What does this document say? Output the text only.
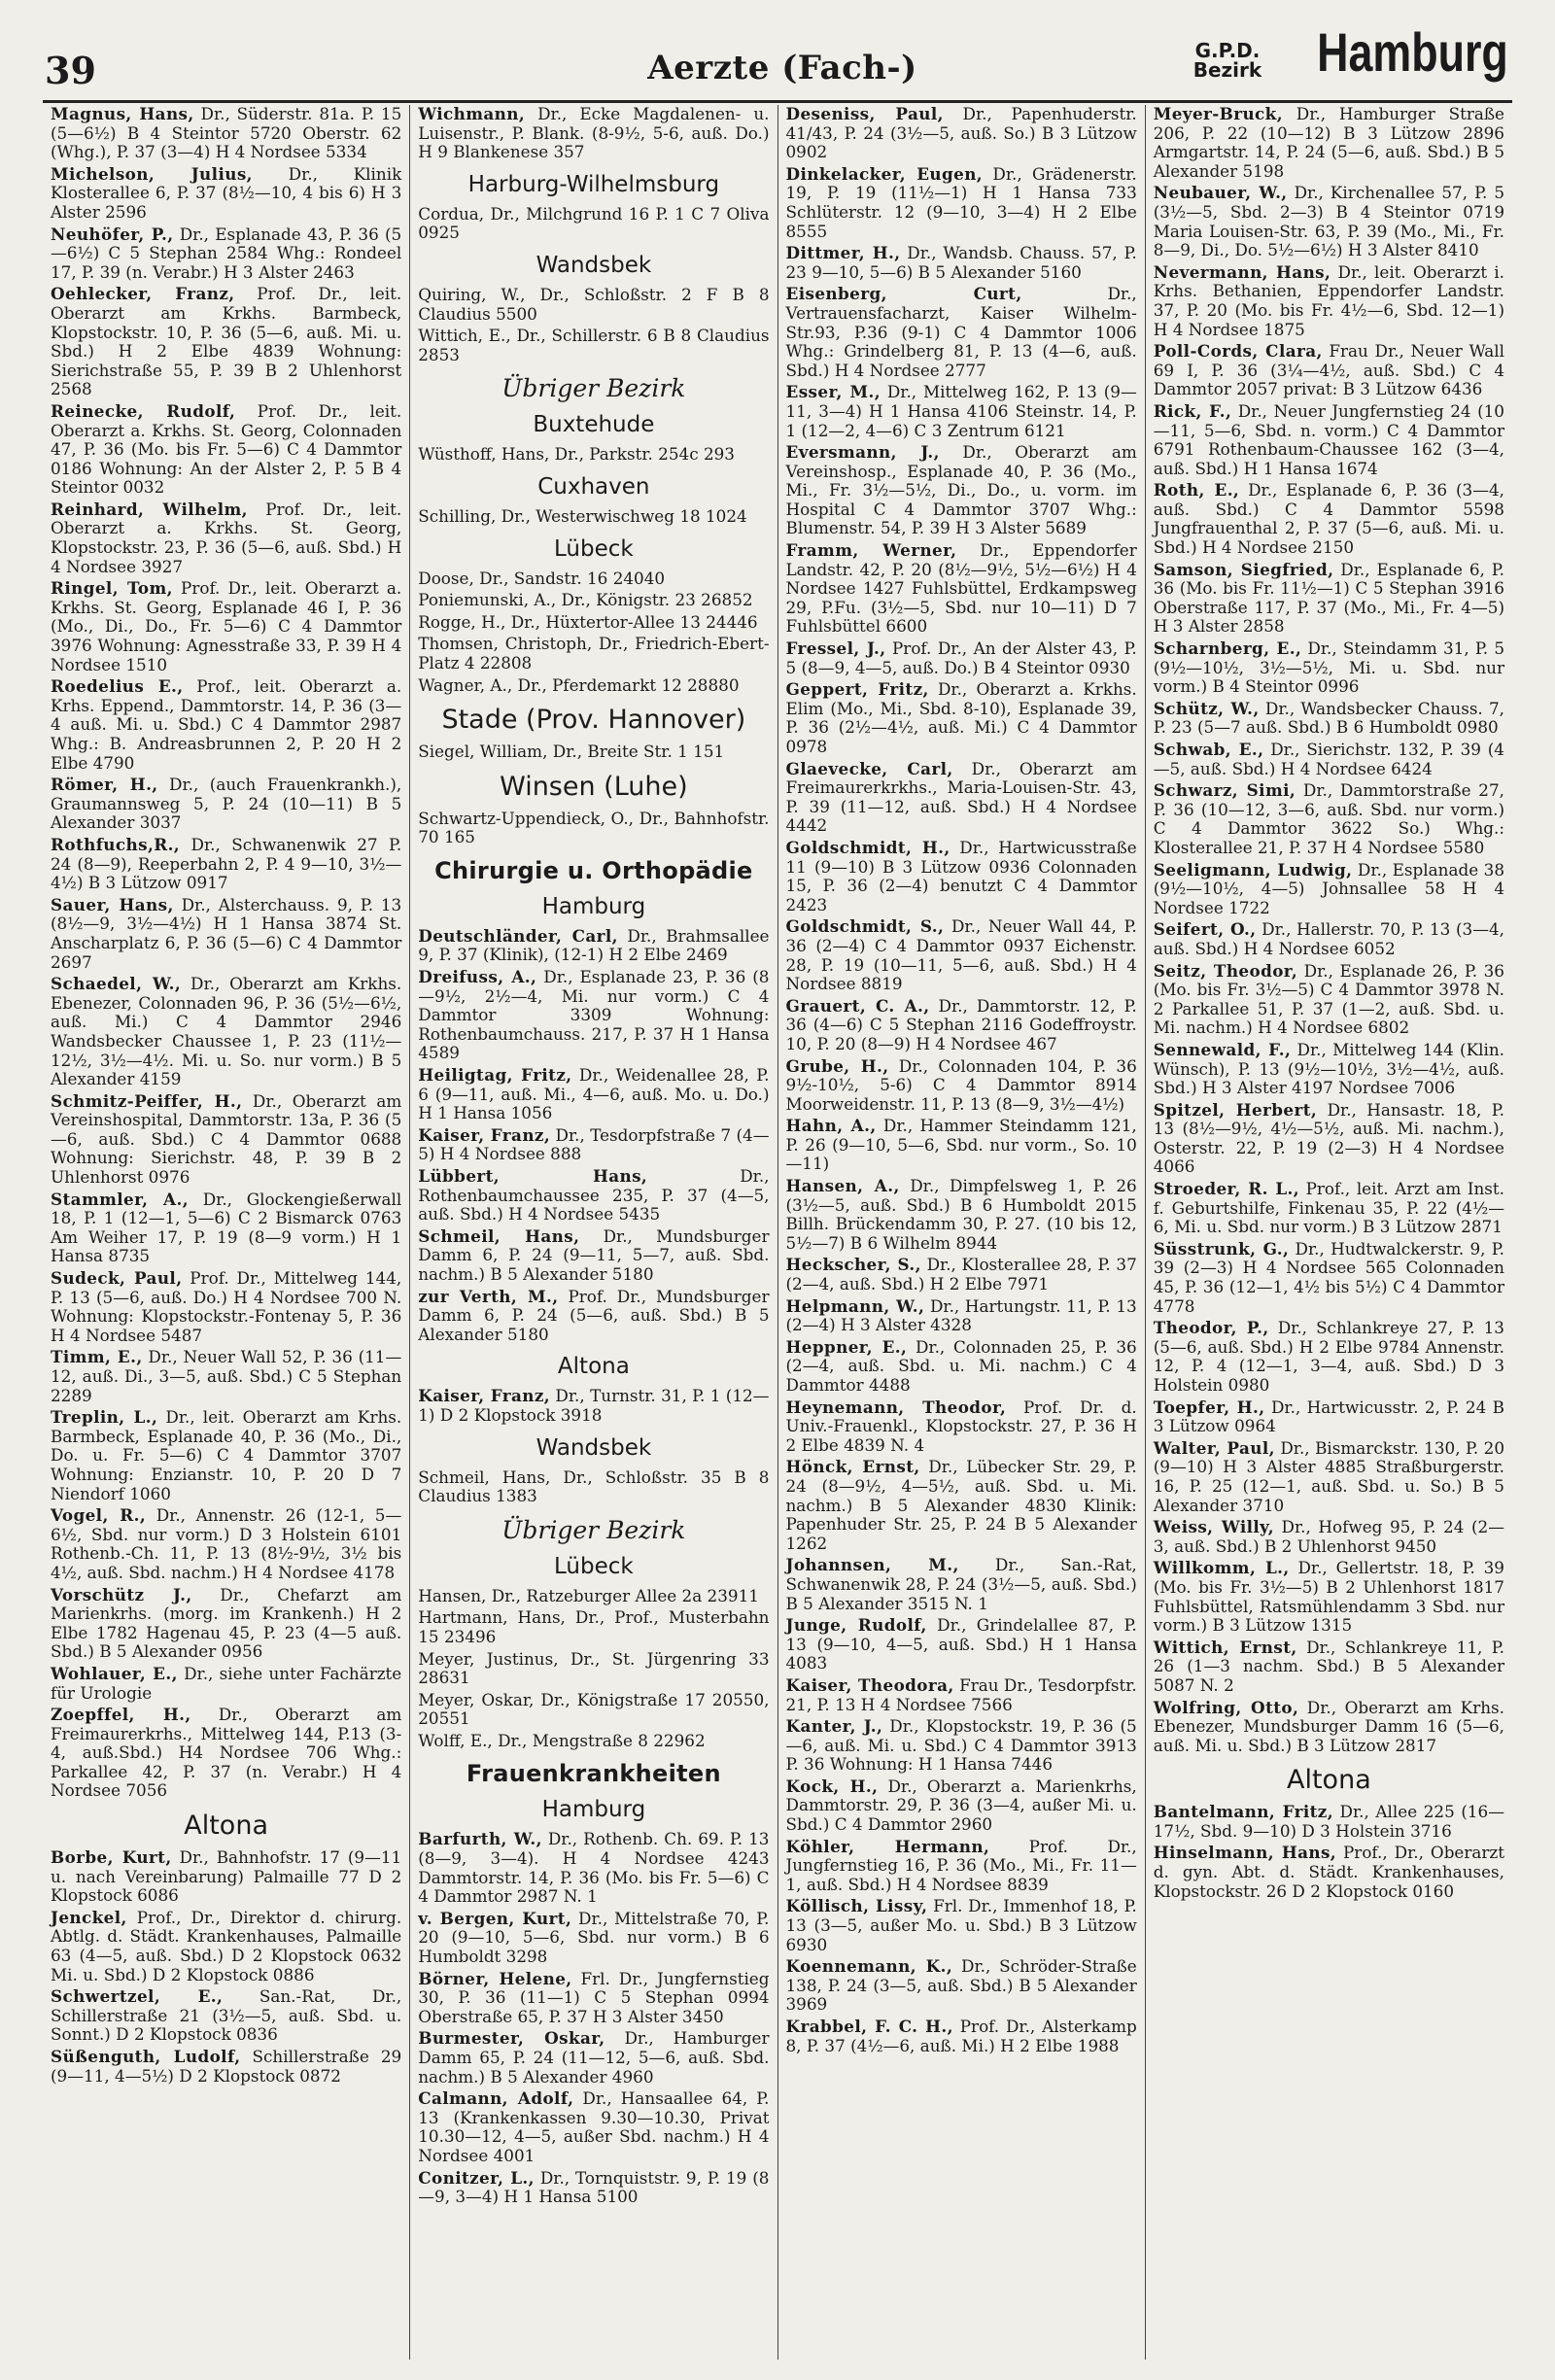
39	Aerzte (Fach-)	G.P.D.
Bezirk Hamburg
Magnus, Hans, Dr., Süderstr. 81a. P. 15 (5—6½) B 4 Steintor 5720 Oberstr. 62 (Whg.), P. 37 (3—4) H 4 Nordsee 5334
Michelson, Julius, Dr., Klinik Klosterallee 6, P. 37 (8½—10, 4 bis 6) H 3 Alster 2596
Neuhöfer, P., Dr., Esplanade 43, P. 36 (5—6½) C 5 Stephan 2584 Whg.: Rondeel 17, P. 39 (n. Verabr.) H 3 Alster 2463
Oehlecker, Franz, Prof. Dr., leit. Oberarzt am Krkhs. Barmbeck, Klopstockstr. 10, P. 36 (5—6, auß. Mi. u. Sbd.) H 2 Elbe 4839 Wohnung: Sierichstraße 55, P. 39 B 2 Uhlenhorst 2568
Reinecke, Rudolf, Prof. Dr., leit. Oberarzt a. Krkhs. St. Georg, Colonnaden 47, P. 36 (Mo. bis Fr. 5—6) C 4 Dammtor 0186 Wohnung: An der Alster 2, P. 5 B 4 Steintor 0032
Reinhard, Wilhelm, Prof. Dr., leit. Oberarzt a. Krkhs. St. Georg, Klopstockstr. 23, P. 36 (5—6, auß. Sbd.) H 4 Nordsee 3927
Ringel, Tom, Prof. Dr., leit. Oberarzt a. Krkhs. St. Georg, Esplanade 46 I, P. 36 (Mo., Di., Do., Fr. 5—6) C 4 Dammtor 3976 Wohnung: Agnesstraße 33, P. 39 H 4 Nordsee 1510
Roedelius E., Prof., leit. Oberarzt a. Krhs. Eppend., Dammtorstr. 14, P. 36 (3—4 auß. Mi. u. Sbd.) C 4 Dammtor 2987 Whg.: B. Andreasbrunnen 2, P. 20 H 2 Elbe 4790
Römer, H., Dr., (auch Frauenkrankh.), Graumannsweg 5, P. 24 (10—11) B 5 Alexander 3037
Rothfuchs,R., Dr., Schwanenwik 27 P. 24 (8—9), Reeperbahn 2, P. 4 9—10, 3½—4½) B 3 Lützow 0917
Sauer, Hans, Dr., Alsterchauss. 9, P. 13 (8½—9, 3½—4½) H 1 Hansa 3874 St. Anscharplatz 6, P. 36 (5—6) C 4 Dammtor 2697
Schaedel, W., Dr., Oberarzt am Krkhs. Ebenezer, Colonnaden 96, P. 36 (5½—6½, auß. Mi.) C 4 Dammtor 2946 Wandsbecker Chaussee 1, P. 23 (11½—12½, 3½—4½. Mi. u. So. nur vorm.) B 5 Alexander 4159
Schmitz-Peiffer, H., Dr., Oberarzt am Vereinshospital, Dammtorstr. 13a, P. 36 (5—6, auß. Sbd.) C 4 Dammtor 0688 Wohnung: Sierichstr. 48, P. 39 B 2 Uhlenhorst 0976
Stammler, A., Dr., Glockengießerwall 18, P. 1 (12—1, 5—6) C 2 Bismarck 0763 Am Weiher 17, P. 19 (8—9 vorm.) H 1 Hansa 8735
Sudeck, Paul, Prof. Dr., Mittelweg 144, P. 13 (5—6, auß. Do.) H 4 Nordsee 700 N. Wohnung: Klopstockstr.-Fontenay 5, P. 36 H 4 Nordsee 5487
Timm, E., Dr., Neuer Wall 52, P. 36 (11—12, auß. Di., 3—5, auß. Sbd.) C 5 Stephan 2289
Treplin, L., Dr., leit. Oberarzt am Krhs. Barmbeck, Esplanade 40, P. 36 (Mo., Di., Do. u. Fr. 5—6) C 4 Dammtor 3707 Wohnung: Enzianstr. 10, P. 20 D 7 Niendorf 1060
Vogel, R., Dr., Annenstr. 26 (12-1, 5—6½, Sbd. nur vorm.) D 3 Holstein 6101 Rothenb.-Ch. 11, P. 13 (8½-9½, 3½ bis 4½, auß. Sbd. nachm.) H 4 Nordsee 4178
Vorschütz J., Dr., Chefarzt am Marienkrhs. (morg. im Krankenh.) H 2 Elbe 1782 Hagenau 45, P. 23 (4—5 auß. Sbd.) B 5 Alexander 0956
Wohlauer, E., Dr., siehe unter Fachärzte für Urologie
Zoepffel, H., Dr., Oberarzt am Freimaurerkrhs., Mittelweg 144, P.13 (3-4, auß.Sbd.) H4 Nordsee 706 Whg.: Parkallee 42, P. 37 (n. Verabr.) H 4 Nordsee 7056
Altona
Borbe, Kurt, Dr., Bahnhofstr. 17 (9—11 u. nach Vereinbarung) Palmaille 77 D 2 Klopstock 6086
Jenckel, Prof., Dr., Direktor d. chirurg. Abtlg. d. Städt. Krankenhauses, Palmaille 63 (4—5, auß. Sbd.) D 2 Klopstock 0632 Mi. u. Sbd.) D 2 Klopstock 0886
Schwertzel, E., San.-Rat, Dr., Schillerstraße 21 (3½—5, auß. Sbd. u. Sonnt.) D 2 Klopstock 0836
Süßenguth, Ludolf, Schillerstraße 29 (9—11, 4—5½) D 2 Klopstock 0872
Wichmann, Dr., Ecke Magdalenen- u. Luisenstr., P. Blank. (8-9½, 5-6, auß. Do.) H 9 Blankenese 357
Harburg-Wilhelmsburg
Cordua, Dr., Milchgrund 16 P. 1 C 7 Oliva 0925
Wandsbek
Quiring, W., Dr., Schloßstr. 2 F B 8 Claudius 5500
Wittich, E., Dr., Schillerstr. 6 B 8 Claudius 2853
Übriger Bezirk
Buxtehude
Wüsthoff, Hans, Dr., Parkstr. 254c 293
Cuxhaven
Schilling, Dr., Westerwischweg 18 1024
Lübeck
Doose, Dr., Sandstr. 16 24040
Poniemunski, A., Dr., Königstr. 23 26852
Rogge, H., Dr., Hüxtertor-Allee 13 24446
Thomsen, Christoph, Dr., Friedrich-Ebert-Platz 4 22808
Wagner, A., Dr., Pferdemarkt 12 28880
Stade (Prov. Hannover)
Siegel, William, Dr., Breite Str. 1 151
Winsen (Luhe)
Schwartz-Uppendieck, O., Dr., Bahnhofstr. 70 165
Chirurgie u. Orthopädie
Hamburg
Deutschländer, Carl, Dr., Brahmsallee 9, P. 37 (Klinik), (12-1) H 2 Elbe 2469
Dreifuss, A., Dr., Esplanade 23, P. 36 (8—9½, 2½—4, Mi. nur vorm.) C 4 Dammtor 3309 Wohnung: Rothenbaumchauss. 217, P. 37 H 1 Hansa 4589
Heiligtag, Fritz, Dr., Weidenallee 28, P. 6 (9—11, auß. Mi., 4—6, auß. Mo. u. Do.) H 1 Hansa 1056
Kaiser, Franz, Dr., Tesdorpfstraße 7 (4—5) H 4 Nordsee 888
Lübbert, Hans,	Dr., Rothenbaumchaussee 235, P. 37 (4—5, auß. Sbd.) H 4 Nordsee 5435
Schmeil, Hans, Dr., Mundsburger Damm 6, P. 24 (9—11, 5—7, auß. Sbd. nachm.) B 5 Alexander 5180
zur Verth, M., Prof. Dr., Mundsburger Damm 6, P. 24 (5—6, auß. Sbd.) B 5 Alexander 5180
Altona
Kaiser, Franz, Dr., Turnstr. 31, P. 1 (12—1) D 2 Klopstock 3918
Wandsbek
Schmeil, Hans, Dr., Schloßstr. 35 B 8 Claudius 1383
Übriger Bezirk
Lübeck
Hansen, Dr., Ratzeburger Allee 2a 23911
Hartmann, Hans, Dr., Prof., Musterbahn 15 23496
Meyer, Justinus, Dr., St. Jürgenring 33 28631
Meyer, Oskar, Dr., Königstraße 17 20550, 20551
Wolff, E., Dr., Mengstraße 8 22962
Frauenkrankheiten
Hamburg
Barfurth, W., Dr., Rothenb. Ch. 69. P. 13 (8—9, 3—4). H 4 Nordsee 4243 Dammtorstr. 14, P. 36 (Mo. bis Fr. 5—6) C 4 Dammtor 2987 N. 1
v. Bergen, Kurt, Dr., Mittelstraße 70, P. 20 (9—10, 5—6, Sbd. nur vorm.) B 6 Humboldt 3298
Börner, Helene, Frl. Dr., Jungfernstieg 30, P. 36 (11—1) C 5 Stephan 0994 Oberstraße 65, P. 37 H 3 Alster 3450
Burmester, Oskar, Dr., Hamburger Damm 65, P. 24 (11—12, 5—6, auß. Sbd. nachm.) B 5 Alexander 4960
Calmann, Adolf, Dr., Hansaallee 64, P. 13 (Krankenkassen 9.30—10.30, Privat 10.30—12, 4—5, außer Sbd. nachm.) H 4 Nordsee 4001
Conitzer, L., Dr., Tornquiststr. 9, P. 19 (8—9, 3—4) H 1 Hansa 5100
Deseniss, Paul, Dr., Papenhuderstr. 41/43, P. 24 (3½—5, auß. So.) B 3 Lützow 0902
Dinkelacker, Eugen, Dr., Grädenerstr. 19, P. 19 (11½—1) H 1 Hansa 733 Schlüterstr. 12 (9—10, 3—4) H 2 Elbe 8555
Dittmer, H., Dr., Wandsb. Chauss. 57, P. 23 9—10, 5—6) B 5 Alexander 5160
Eisenberg, Curt,	Dr., Vertrauensfacharzt, Kaiser Wilhelm-Str.93, P.36 (9-1) C 4 Dammtor 1006 Whg.: Grindelberg 81, P. 13 (4—6, auß. Sbd.) H 4 Nordsee 2777
Esser, M., Dr., Mittelweg 162, P. 13 (9—11, 3—4) H 1 Hansa 4106 Steinstr. 14, P. 1 (12—2, 4—6) C 3 Zentrum 6121
Eversmann, J., Dr., Oberarzt am Vereinshosp., Esplanade 40, P. 36 (Mo., Mi., Fr. 3½—5½, Di., Do., u. vorm. im Hospital C 4 Dammtor 3707 Whg.: Blumenstr. 54, P. 39 H 3 Alster 5689
Framm, Werner, Dr., Eppendorfer Landstr. 42, P. 20 (8½—9½, 5½—6½) H 4 Nordsee 1427 Fuhlsbüttel, Erdkampsweg 29, P.Fu. (3½—5, Sbd. nur 10—11) D 7 Fuhlsbüttel 6600
Fressel, J., Prof. Dr., An der Alster 43, P. 5 (8—9, 4—5, auß. Do.) B 4 Steintor 0930
Geppert, Fritz, Dr., Oberarzt a. Krkhs. Elim (Mo., Mi., Sbd. 8-10), Esplanade 39, P. 36 (2½—4½, auß. Mi.) C 4 Dammtor 0978
Glaevecke, Carl, Dr., Oberarzt am Freimaurerkrkhs., Maria-Louisen-Str. 43, P. 39 (11—12, auß. Sbd.) H 4 Nordsee 4442
Goldschmidt, H., Dr., Hartwicusstraße 11 (9—10) B 3 Lützow 0936 Colonnaden 15, P. 36 (2—4) benutzt C 4 Dammtor 2423
Goldschmidt, S., Dr., Neuer Wall 44, P. 36 (2—4) C 4 Dammtor 0937 Eichenstr. 28, P. 19 (10—11, 5—6, auß. Sbd.) H 4 Nordsee 8819
Grauert, C. A., Dr., Dammtorstr. 12, P. 36 (4—6) C 5 Stephan 2116 Godeffroystr. 10, P. 20 (8—9) H 4 Nordsee 467
Grube, H., Dr., Colonnaden 104, P. 36 9½-10½, 5-6) C 4 Dammtor 8914 Moorweidenstr. 11, P. 13 (8—9, 3½—4½)
Hahn, A., Dr., Hammer Steindamm 121, P. 26 (9—10, 5—6, Sbd. nur vorm., So. 10—11)
Hansen, A., Dr., Dimpfelsweg 1, P. 26 (3½—5, auß. Sbd.) B 6 Humboldt 2015 Billh. Brückendamm 30, P. 27. (10 bis 12, 5½—7) B 6 Wilhelm 8944
Heckscher, S., Dr., Klosterallee 28, P. 37 (2—4, auß. Sbd.) H 2 Elbe 7971
Helpmann, W., Dr., Hartungstr. 11, P. 13 (2—4) H 3 Alster 4328
Heppner, E., Dr., Colonnaden 25, P. 36 (2—4, auß. Sbd. u. Mi. nachm.) C 4 Dammtor 4488
Heynemann, Theodor, Prof. Dr. d. Univ.-Frauenkl., Klopstockstr. 27, P. 36 H 2 Elbe 4839 N. 4
Hönck, Ernst, Dr., Lübecker Str. 29, P. 24 (8—9½, 4—5½, auß. Sbd. u. Mi. nachm.) B 5 Alexander 4830 Klinik: Papenhuder Str. 25, P. 24 B 5 Alexander 1262
Johannsen, M., Dr., San.-Rat, Schwanenwik 28, P. 24 (3½—5, auß. Sbd.) B 5 Alexander 3515 N. 1
Junge, Rudolf, Dr., Grindelallee 87, P. 13 (9—10, 4—5, auß. Sbd.) H 1 Hansa 4083
Kaiser, Theodora, Frau Dr., Tesdorpfstr. 21, P. 13 H 4 Nordsee 7566
Kanter, J., Dr., Klopstockstr. 19, P. 36 (5—6, auß. Mi. u. Sbd.) C 4 Dammtor 3913 P. 36 Wohnung: H 1 Hansa 7446
Kock, H., Dr., Oberarzt a. Marienkrhs, Dammtorstr. 29, P. 36 (3—4, außer Mi. u. Sbd.) C 4 Dammtor 2960
Köhler, Hermann, Prof. Dr., Jungfernstieg 16, P. 36 (Mo., Mi., Fr. 11—1, auß. Sbd.) H 4 Nordsee 8839
Köllisch, Lissy, Frl. Dr., Immenhof 18, P. 13 (3—5, außer Mo. u. Sbd.) B 3 Lützow 6930
Koennemann, K., Dr., Schröder-Straße 138, P. 24 (3—5, auß. Sbd.) B 5 Alexander 3969
Krabbel, F. C. H., Prof. Dr., Alsterkamp 8, P. 37 (4½—6, auß. Mi.) H 2 Elbe 1988
Meyer-Bruck, Dr., Hamburger Straße 206, P. 22 (10—12) B 3 Lützow 2896 Armgartstr. 14, P. 24 (5—6, auß. Sbd.) B 5 Alexander 5198
Neubauer, W., Dr., Kirchenallee 57, P. 5 (3½—5, Sbd. 2—3) B 4 Steintor 0719 Maria Louisen-Str. 63, P. 39 (Mo., Mi., Fr. 8—9, Di., Do. 5½—6½) H 3 Alster 8410
Nevermann, Hans, Dr., leit. Oberarzt i. Krhs. Bethanien, Eppendorfer Landstr. 37, P. 20 (Mo. bis Fr. 4½—6, Sbd. 12—1) H 4 Nordsee 1875
Poll-Cords, Clara, Frau Dr., Neuer Wall 69 I, P. 36 (3¼—4½, auß. Sbd.) C 4 Dammtor 2057 privat: B 3 Lützow 6436
Rick, F., Dr., Neuer Jungfernstieg 24 (10—11, 5—6, Sbd. n. vorm.) C 4 Dammtor 6791 Rothenbaum-Chaussee 162 (3—4, auß. Sbd.) H 1 Hansa 1674
Roth, E., Dr., Esplanade 6, P. 36 (3—4, auß. Sbd.) C 4 Dammtor 5598 Jungfrauenthal 2, P. 37 (5—6, auß. Mi. u. Sbd.) H 4 Nordsee 2150
Samson, Siegfried, Dr., Esplanade 6, P. 36 (Mo. bis Fr. 11½—1) C 5 Stephan 3916 Oberstraße 117, P. 37 (Mo., Mi., Fr. 4—5) H 3 Alster 2858
Scharnberg, E., Dr., Steindamm 31, P. 5 (9½—10½, 3½—5½, Mi. u. Sbd. nur vorm.) B 4 Steintor 0996
Schütz, W., Dr., Wandsbecker Chauss. 7, P. 23 (5—7 auß. Sbd.) B 6 Humboldt 0980
Schwab, E., Dr., Sierichstr. 132, P. 39 (4—5, auß. Sbd.) H 4 Nordsee 6424
Schwarz, Simi, Dr., Dammtorstraße 27, P. 36 (10—12, 3—6, auß. Sbd. nur vorm.) C 4 Dammtor 3622 So.) Whg.: Klosterallee 21, P. 37 H 4 Nordsee 5580
Seeligmann, Ludwig, Dr., Esplanade 38 (9½—10½, 4—5) Johnsallee 58 H 4 Nordsee 1722
Seifert, O., Dr., Hallerstr. 70, P. 13 (3—4, auß. Sbd.) H 4 Nordsee 6052
Seitz, Theodor, Dr., Esplanade 26, P. 36 (Mo. bis Fr. 3½—5) C 4 Dammtor 3978 N. 2 Parkallee 51, P. 37 (1—2, auß. Sbd. u. Mi. nachm.) H 4 Nordsee 6802
Sennewald, F., Dr., Mittelweg 144 (Klin. Wünsch), P. 13 (9½—10½, 3½—4½, auß. Sbd.) H 3 Alster 4197 Nordsee 7006
Spitzel, Herbert, Dr., Hansastr. 18, P. 13 (8½—9½, 4½—5½, auß. Mi. nachm.), Osterstr. 22, P. 19 (2—3) H 4 Nordsee 4066
Stroeder, R. L., Prof., leit. Arzt am Inst. f. Geburtshilfe, Finkenau 35, P. 22 (4½—6, Mi. u. Sbd. nur vorm.) B 3 Lützow 2871
Süsstrunk, G., Dr., Hudtwalckerstr. 9, P. 39 (2—3) H 4 Nordsee 565 Colonnaden 45, P. 36 (12—1, 4½ bis 5½) C 4 Dammtor 4778
Theodor, P., Dr., Schlankreye 27, P. 13 (5—6, auß. Sbd.) H 2 Elbe 9784 Annenstr. 12, P. 4 (12—1, 3—4, auß. Sbd.) D 3 Holstein 0980
Toepfer, H., Dr., Hartwicusstr. 2, P. 24 B 3 Lützow 0964
Walter, Paul, Dr., Bismarckstr. 130, P. 20 (9—10) H 3 Alster 4885 Straßburgerstr. 16, P. 25 (12—1, auß. Sbd. u. So.) B 5 Alexander 3710
Weiss, Willy, Dr., Hofweg 95, P. 24 (2—3, auß. Sbd.) B 2 Uhlenhorst 9450
Willkomm, L., Dr., Gellertstr. 18, P. 39 (Mo. bis Fr. 3½—5) B 2 Uhlenhorst 1817 Fuhlsbüttel, Ratsmühlendamm 3 Sbd. nur vorm.) B 3 Lützow 1315
Wittich, Ernst, Dr., Schlankreye 11, P. 26 (1—3 nachm. Sbd.) B 5 Alexander 5087 N. 2
Wolfring, Otto, Dr., Oberarzt am Krhs. Ebenezer, Mundsburger Damm 16 (5—6, auß. Mi. u. Sbd.) B 3 Lützow 2817
Altona
Bantelmann, Fritz, Dr., Allee 225 (16—17½, Sbd. 9—10) D 3 Holstein 3716
Hinselmann, Hans, Prof., Dr., Oberarzt d. gyn. Abt. d. Städt. Krankenhauses, Klopstockstr. 26 D 2 Klopstock 0160
